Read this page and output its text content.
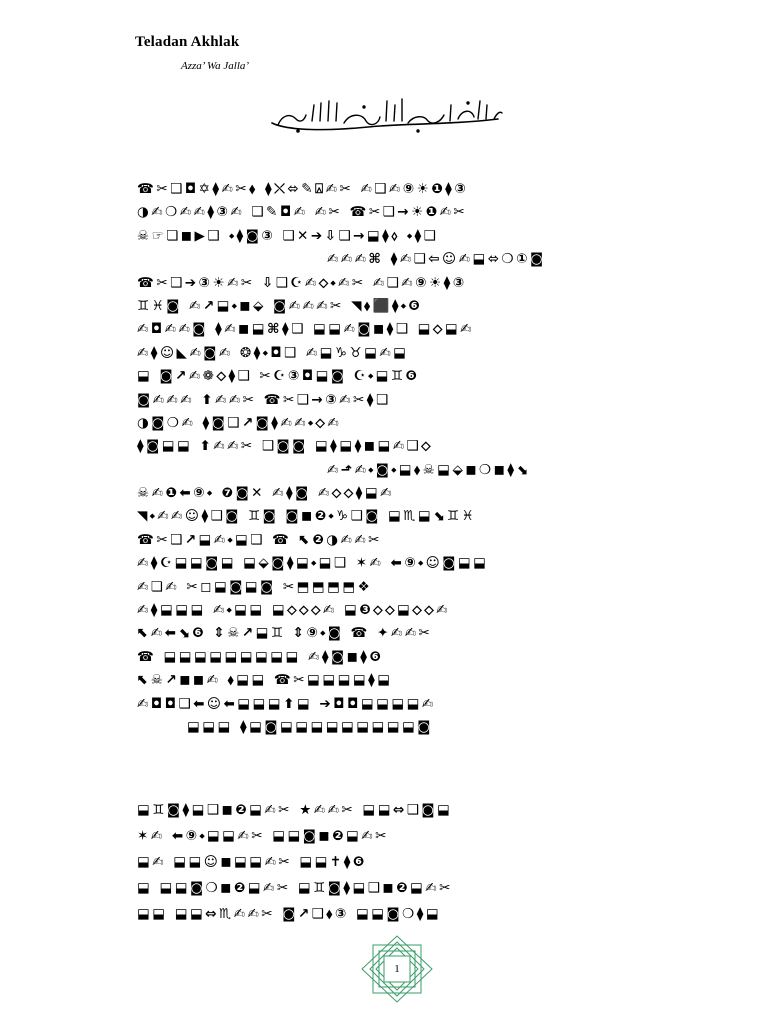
Teladan Akhlak
Azza’ Wa Jalla’
☎✂❑◘✡⧫✍✂⬧ ⧫⤬⬄✎⍓✍✂ ✍❑✍⑨☀❶⧫③
◑✍❍✍✍⧫③✍ ❑✎◘✍ ✍✂ ☎✂❑→☀❶✍✂
☠☞❏◼▶❑ ⬩⧫◙③ ❑✕➔⇩❑→⬓⧫⬨ ⬩⧫❑
✍✍✍⌘ ⧫✍❑⇦☺✍⬓⬄❍①◙
☎✂❑➔③☀✍✂ ⇩❑☪✍⬦⬩✍✂ ✍❑✍⑨☀⧫③
♊♓◙ ✍↗⬓⬩◼⬙ ◙✍✍✍✂ ◥⬧⬛⧫⬩❻
✍◘✍✍◙ ⧫✍◼⬓⌘⧫❑ ⬓⬓✍◙◼⧫❑ ⬓⬦⬓✍
✍⧫☺◣✍◙✍ ❂⧫⬩◘❑ ✍⬓♑♉⬓✍⬓
⬓ ◙↗✍❁⬦⧫❑ ✂☪③◘⬓◙ ☪⬩⬓♊❻
◙✍✍✍ ⬆✍✍✂ ☎✂❑→③✍✂⧫❑
◑◙❍✍ ⧫◙❑↗◙⧫✍✍⬩⬦✍
⧫◙⬓⬓ ⬆✍✍✂ ❑◙◙ ⬓⧫⬓⧫◼⬓✍❑⬦
✍⬏✍⬩◙⬩⬓⬧☠⬓⬙◼❍◼⧫⬊
☠✍❶⬅⑨⬩ ❼◙✕ ✍⧫◙ ✍⬦⬦⧫⬓✍
◥⬩✍✍☺⧫❑◙ ♊◙ ◙◼❷⬩♑❑◙ ⬓♏⬓⬊♊♓
☎✂❑↗⬓✍⬩⬓❑ ☎ ⬉❷◑✍✍✂
✍⧫☪⬓⬓◙⬓ ⬓⬙◙⧫⬓⬩⬓❑ ✶✍ ⬅⑨⬩☺◙⬓⬓
✍❏✍ ✂◻⬓◙⬓◙ ✂⬒⬒⬒⬒❖
✍⧫⬓⬓⬓ ✍⬩⬓⬓ ⬓⬦⬦⬦✍ ⬓❸⬦⬦⬓⬦⬦✍
⬉✍⬅⬊❻ ⇕☠↗⬓♊ ⇕⑨⬩◙ ☎ ✦✍✍✂
☎ ⬓⬓⬓⬓⬓⬓⬓⬓⬓ ✍⧫◙◼⧫❻
⬉☠↗◼◼✍ ⬧⬓⬓ ☎✂⬓⬓⬓⬓⧫⬓
✍◘◘❑⬅☺⬅⬓⬓⬓⬆⬓ ➔◘◘⬓⬓⬓⬓✍
⬓⬓⬓ ⧫⬓◙⬓⬓⬓⬓⬓⬓⬓⬓⬓◙
⬓♊◙⧫⬓❑◼❷⬓✍✂ ★✍✍✂ ⬓⬓⇔❑◙⬓
✶✍ ⬅⑨⬩⬓⬓✍✂ ⬓⬓◙◼❷⬓✍✂
⬓✍ ⬓⬓☺◼⬓⬓✍✂ ⬓⬓✝⧫❻
⬓ ⬓⬓◙❍◼❷⬓✍✂ ⬓♊◙⧫⬓❑◼❷⬓✍✂
⬓⬓ ⬓⬓⇔♏✍✍✂ ◙↗❑⬧③ ⬓⬓◙❍⧫⬓
1
